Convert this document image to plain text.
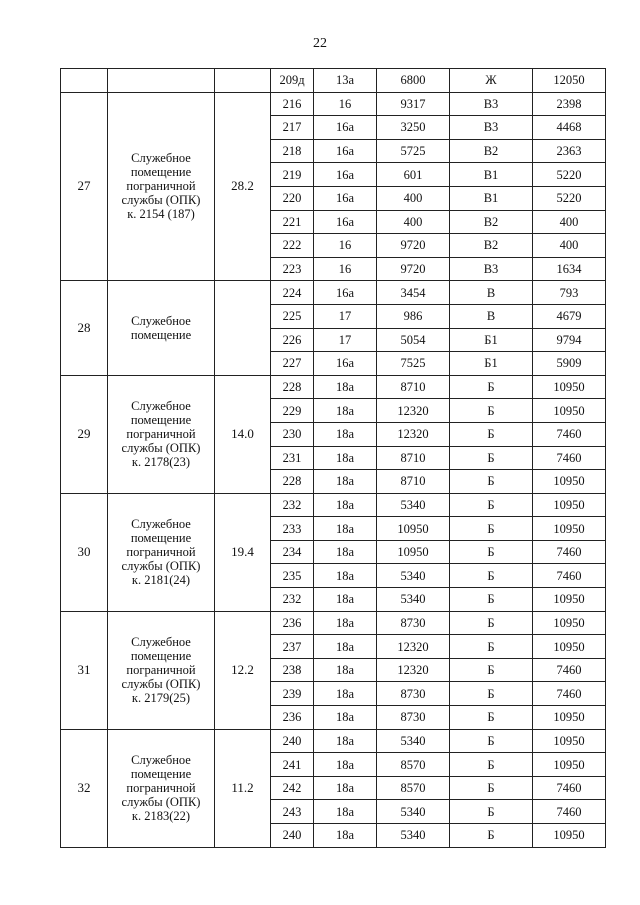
22
			209д	13а	6800	Ж	12050
27	Служебное
помещение
пограничной
службы (ОПК)
к. 2154 (187)	28.2	216	16	9317	В3	2398
			217	16а	3250	В3	4468
			218	16а	5725	В2	2363
			219	16а	601	В1	5220
			220	16а	400	В1	5220
			221	16а	400	В2	400
			222	16	9720	В2	400
			223	16	9720	В3	1634
28	Служебное
помещение		224	16а	3454	В	793
			225	17	986	В	4679
			226	17	5054	Б1	9794
			227	16а	7525	Б1	5909
29	Служебное
помещение
пограничной
службы (ОПК)
к. 2178(23)	14.0	228	18а	8710	Б	10950
			229	18а	12320	Б	10950
			230	18а	12320	Б	7460
			231	18а	8710	Б	7460
			228	18а	8710	Б	10950
30	Служебное
помещение
пограничной
службы (ОПК)
к. 2181(24)	19.4	232	18а	5340	Б	10950
			233	18а	10950	Б	10950
			234	18а	10950	Б	7460
			235	18а	5340	Б	7460
			232	18а	5340	Б	10950
31	Служебное
помещение
пограничной
службы (ОПК)
к. 2179(25)	12.2	236	18а	8730	Б	10950
			237	18а	12320	Б	10950
			238	18а	12320	Б	7460
			239	18а	8730	Б	7460
			236	18а	8730	Б	10950
32	Служебное
помещение
пограничной
службы (ОПК)
к. 2183(22)	11.2	240	18а	5340	Б	10950
			241	18а	8570	Б	10950
			242	18а	8570	Б	7460
			243	18а	5340	Б	7460
			240	18а	5340	Б	10950
